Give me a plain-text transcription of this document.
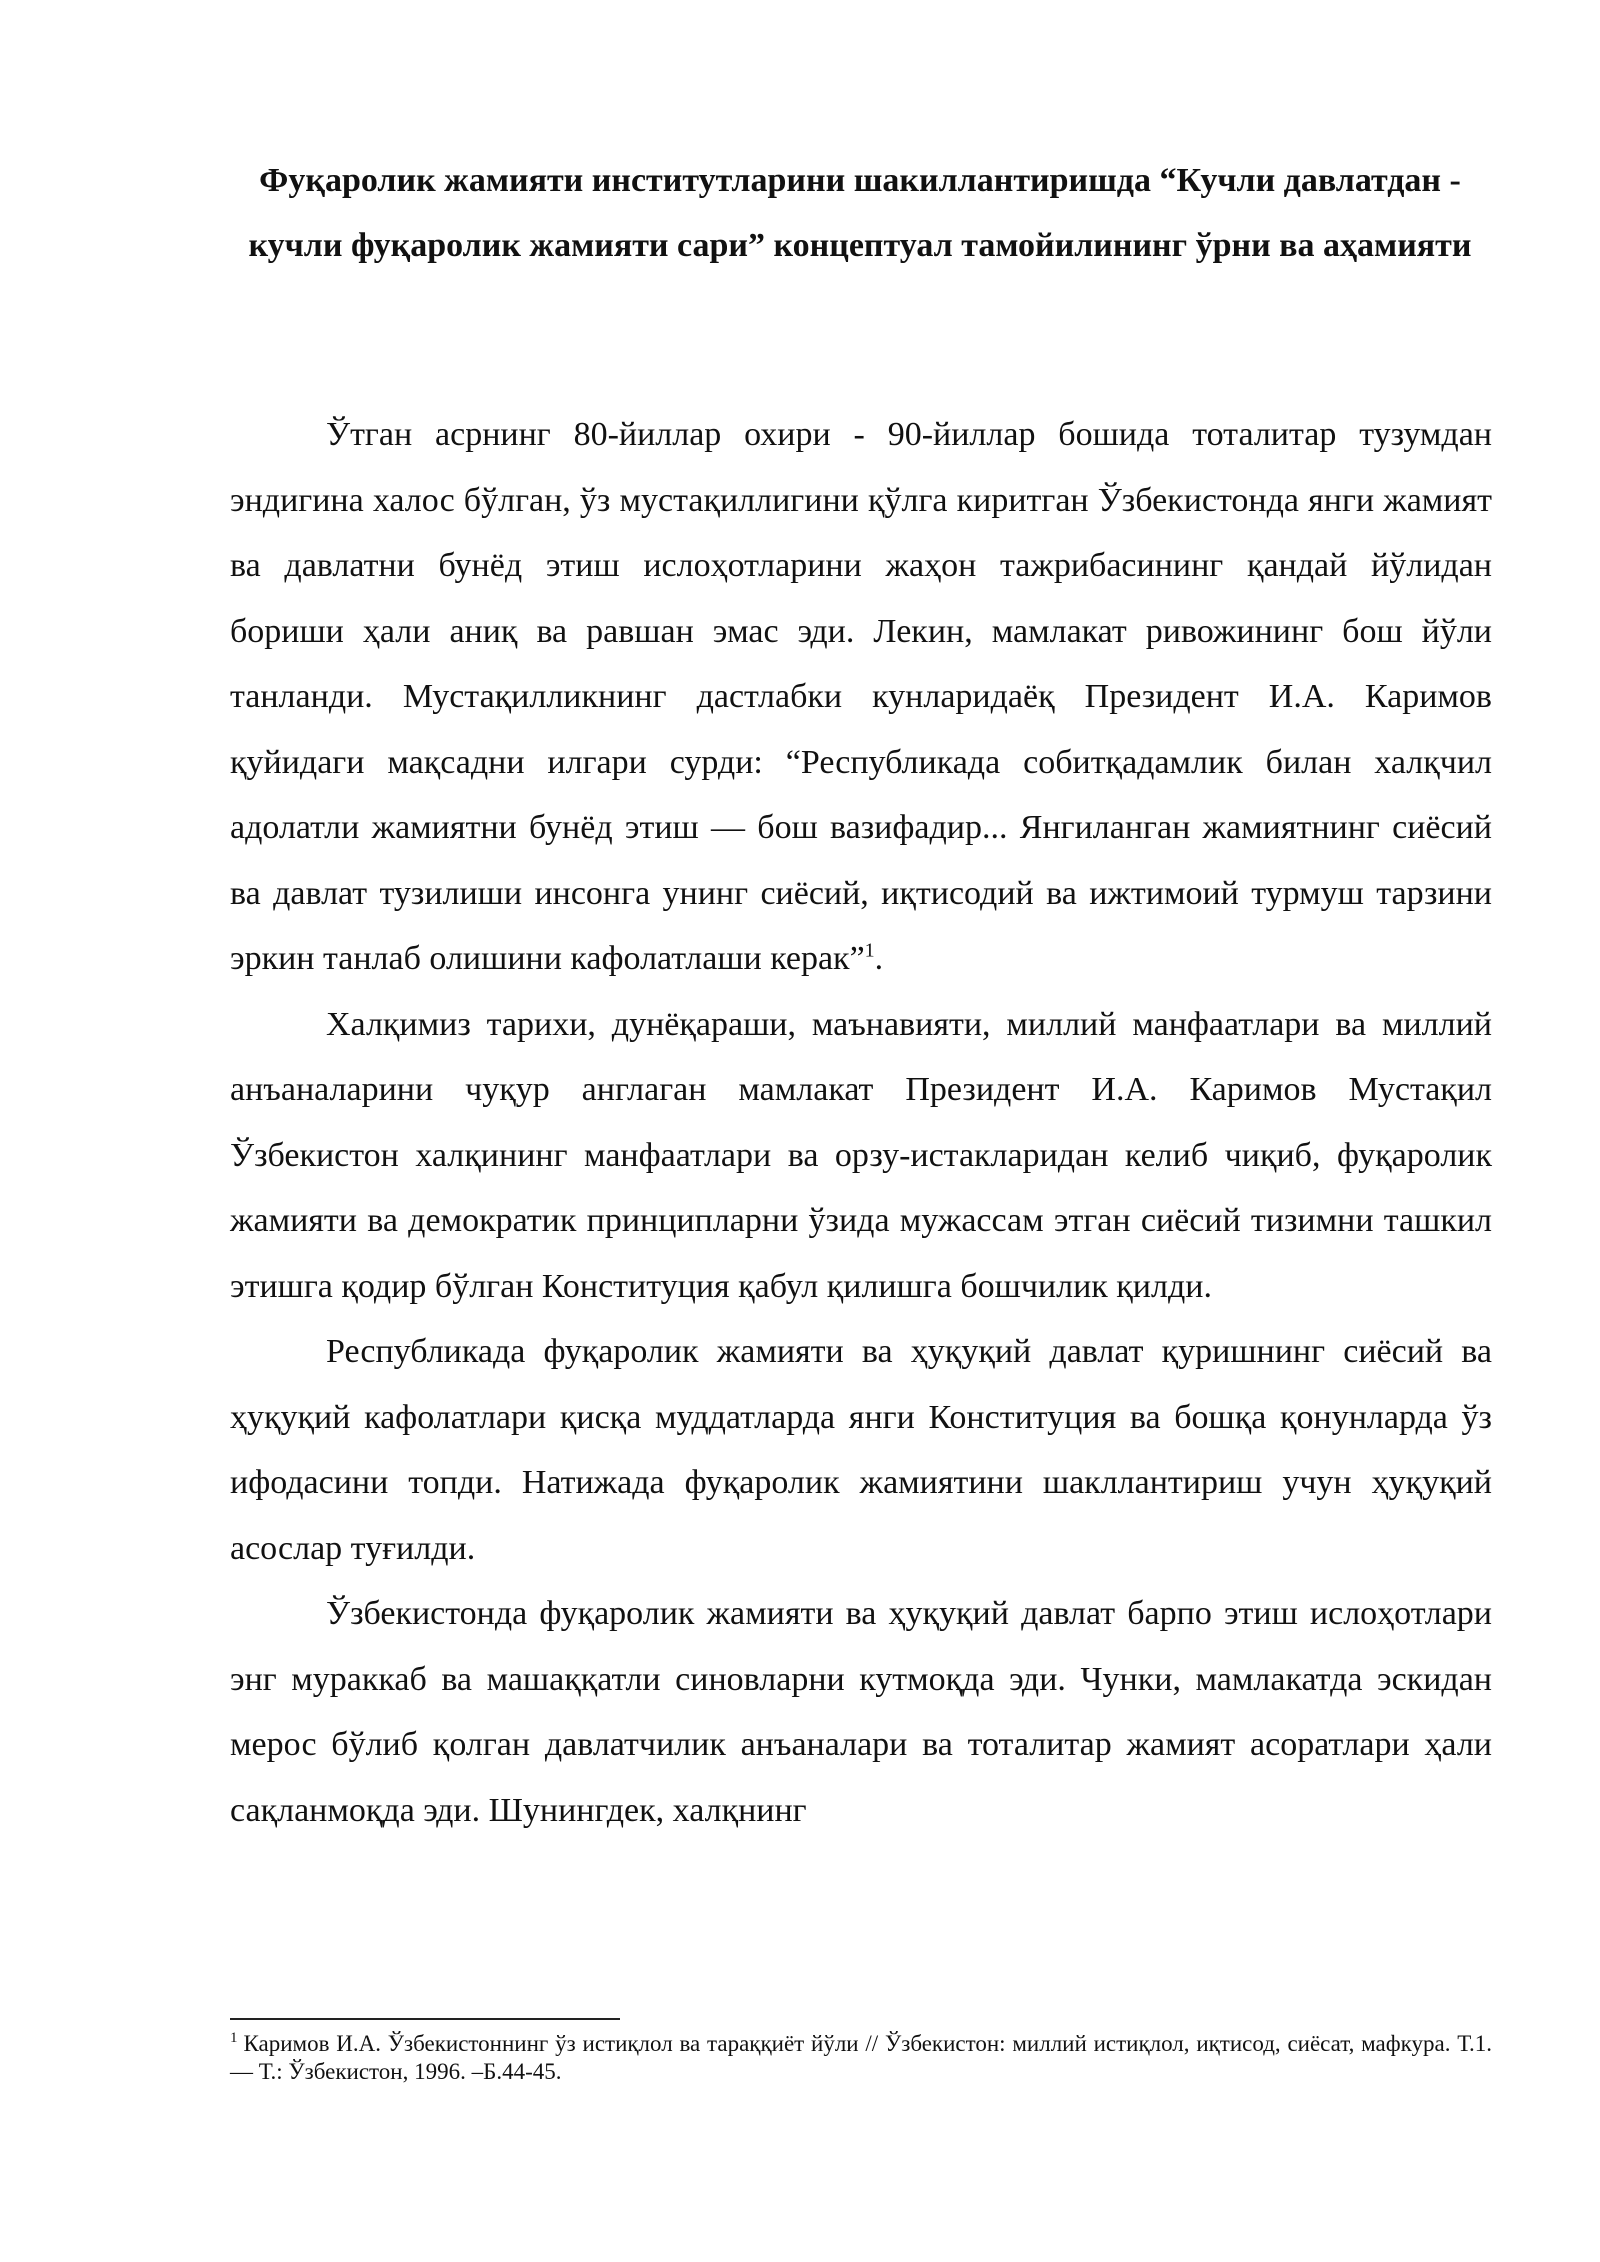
Фуқаролик жамияти институтларини шакиллантиришда “Кучли давлатдан - кучли фуқаролик жамияти сари” концептуал тамойилининг ўрни ва аҳамияти

Ўтган асрнинг 80-йиллар охири - 90-йиллар бошида тоталитар тузумдан эндигина халос бўлган, ўз мустақиллигини қўлга киритган Ўзбекистонда янги жамият ва давлатни бунёд этиш ислоҳотларини жаҳон тажрибасининг қандай йўлидан бориши ҳали аниқ ва равшан эмас эди. Лекин, мамлакат ривожининг бош йўли танланди. Мустақилликнинг дастлабки кунларидаёқ Президент И.А. Каримов қуйидаги мақсадни илгари сурди: “Республикада собитқадамлик билан халқчил адолатли жамиятни бунёд этиш — бош вазифадир... Янгиланган жамиятнинг сиёсий ва давлат тузилиши инсонга унинг сиёсий, иқтисодий ва ижтимоий турмуш тарзини эркин танлаб олишини кафолатлаши керак”$^1$.

Халқимиз тарихи, дунёқараши, маънавияти, миллий манфаатлари ва миллий анъаналарини чуқур англаган мамлакат Президент И.А. Каримов Мустақил Ўзбекистон халқининг манфаатлари ва орзу-истакларидан келиб чиқиб, фуқаролик жамияти ва демократик принципларни ўзида мужассам этган сиёсий тизимни ташкил этишга қодир бўлган Конституция қабул қилишга бошчилик қилди.

Республикада фуқаролик жамияти ва ҳуқуқий давлат қуришнинг сиёсий ва ҳуқуқий кафолатлари қисқа муддатларда янги Конституция ва бошқа қонунларда ўз ифодасини топди. Натижада фуқаролик жамиятини шакллантириш учун ҳуқуқий асослар туғилди.

Ўзбекистонда фуқаролик жамияти ва ҳуқуқий давлат барпо этиш ислоҳотлари энг мураккаб ва машаққатли синовларни кутмоқда эди. Чунки, мамлакатда эскидан мерос бўлиб қолган давлатчилик анъаналари ва тоталитар жамият асоратлари ҳали сақланмоқда эди. Шунингдек, халқнинг

$^1$ Каримов И.А. Ўзбекистоннинг ўз истиқлол ва тараққиёт йўли // Ўзбекистон: миллий истиқлол, иқтисод, сиёсат, мафкура. Т.1. — Т.: Ўзбекистон, 1996. –Б.44-45.
